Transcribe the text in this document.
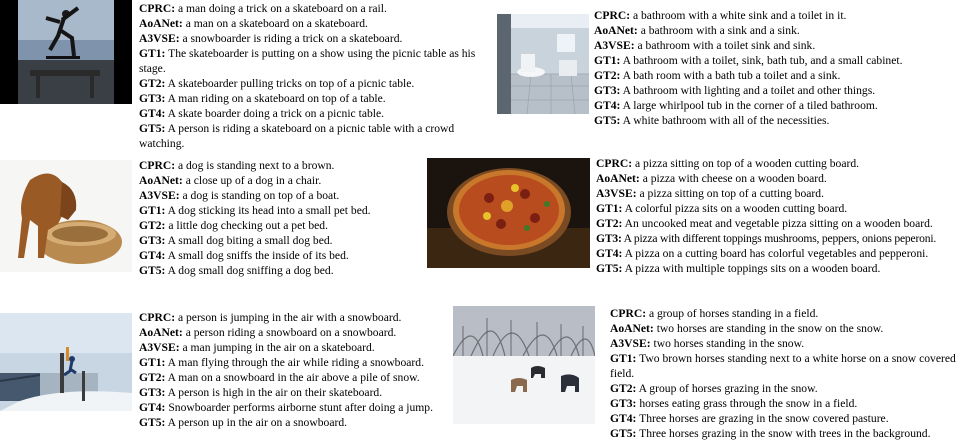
CPRC: a man doing a trick on a skateboard on a rail.
AoANet: a man on a skateboard on a skateboard.
A3VSE: a snowboarder is riding a trick on a skateboard.
GT1: The skateboarder is putting on a show using the picnic table as his stage.
GT2: A skateboarder pulling tricks on top of a picnic table.
GT3: A man riding on a skateboard on top of a table.
GT4: A skate boarder doing a trick on a picnic table.
GT5: A person is riding a skateboard on a picnic table with a crowd watching.
CPRC: a bathroom with a white sink and a toilet in it.
AoANet: a bathroom with a sink and a sink.
A3VSE: a bathroom with a toilet sink and sink.
GT1: A bathroom with a toilet, sink, bath tub, and a small cabinet.
GT2: A bath room with a bath tub a toilet and a sink.
GT3: A bathroom with lighting and a toilet and other things.
GT4: A large whirlpool tub in the corner of a tiled bathroom.
GT5: A white bathroom with all of the necessities.
CPRC: a dog is standing next to a brown.
AoANet: a close up of a dog in a chair.
A3VSE: a dog is standing on top of a boat.
GT1: A dog sticking its head into a small pet bed.
GT2: a little dog checking out a pet bed.
GT3: A small dog biting a small dog bed.
GT4: A small dog sniffs the inside of its bed.
GT5: A dog small dog sniffing a dog bed.
CPRC: a pizza sitting on top of a wooden cutting board.
AoANet: a pizza with cheese on a wooden board.
A3VSE: a pizza sitting on top of a cutting board.
GT1: A colorful pizza sits on a wooden cutting board.
GT2: An uncooked meat and vegetable pizza sitting on a wooden board.
GT3: A pizza with different toppings mushrooms, peppers, onions peperoni.
GT4: A pizza on a cutting board has colorful vegetables and pepperoni.
GT5: A pizza with multiple toppings sits on a wooden board.
CPRC: a person is jumping in the air with a snowboard.
AoANet: a person riding a snowboard on a snowboard.
A3VSE: a man jumping in the air on a skateboard.
GT1: A man flying through the air while riding a snowboard.
GT2: A man on a snowboard in the air above a pile of snow.
GT3: A person is high in the air on their skateboard.
GT4: Snowboarder performs airborne stunt after doing a jump.
GT5: A person up in the air on a snowboard.
CPRC: a group of horses standing in a field.
AoANet: two horses are standing in the snow on the snow.
A3VSE: two horses standing in the snow.
GT1: Two brown horses standing next to a white horse on a snow covered field.
GT2: A group of horses grazing in the snow.
GT3: horses eating grass through the snow in a field.
GT4: Three horses are grazing in the snow covered pasture.
GT5: Three horses grazing in the snow with trees in the background.
